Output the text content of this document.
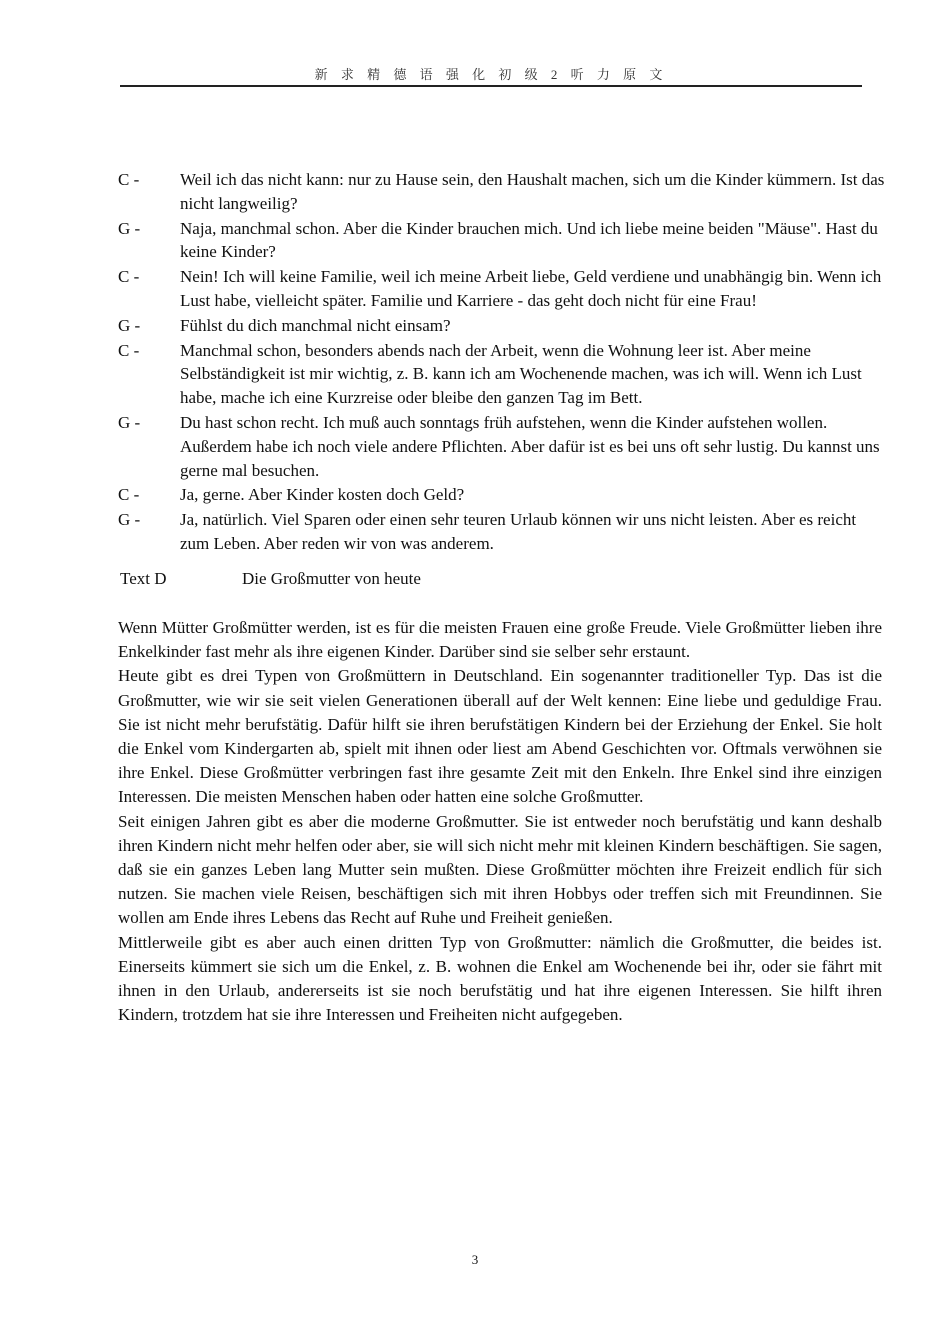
新 求 精 德 语 强 化 初 级 2 听 力 原 文
C -	Weil ich das nicht kann: nur zu Hause sein, den Haushalt machen, sich um die Kinder kümmern. Ist das nicht langweilig?
G -	Naja, manchmal schon. Aber die Kinder brauchen mich. Und ich liebe meine beiden "Mäuse". Hast du keine Kinder?
C -	Nein! Ich will keine Familie, weil ich meine Arbeit liebe, Geld verdiene und unabhängig bin. Wenn ich Lust habe, vielleicht später. Familie und Karriere - das geht doch nicht für eine Frau!
G -	Fühlst du dich manchmal nicht einsam?
C -	Manchmal schon, besonders abends nach der Arbeit, wenn die Wohnung leer ist. Aber meine Selbständigkeit ist mir wichtig, z. B. kann ich am Wochenende machen, was ich will. Wenn ich Lust habe, mache ich eine Kurzreise oder bleibe den ganzen Tag im Bett.
G -	Du hast schon recht. Ich muß auch sonntags früh aufstehen, wenn die Kinder aufstehen wollen. Außerdem habe ich noch viele andere Pflichten. Aber dafür ist es bei uns oft sehr lustig. Du kannst uns gerne mal besuchen.
C -	Ja, gerne. Aber Kinder kosten doch Geld?
G -	Ja, natürlich. Viel Sparen oder einen sehr teuren Urlaub können wir uns nicht leisten. Aber es reicht zum Leben. Aber reden wir von was anderem.
Text D	Die Großmutter von heute

Wenn Mütter Großmütter werden, ist es für die meisten Frauen eine große Freude. Viele Großmütter lieben ihre Enkelkinder fast mehr als ihre eigenen Kinder. Darüber sind sie selber sehr erstaunt.

Heute gibt es drei Typen von Großmüttern in Deutschland. Ein sogenannter traditioneller Typ. Das ist die Großmutter, wie wir sie seit vielen Generationen überall auf der Welt kennen: Eine liebe und geduldige Frau. Sie ist nicht mehr berufstätig. Dafür hilft sie ihren berufstätigen Kindern bei der Erziehung der Enkel. Sie holt die Enkel vom Kindergarten ab, spielt mit ihnen oder liest am Abend Geschichten vor. Oftmals verwöhnen sie ihre Enkel. Diese Großmütter verbringen fast ihre gesamte Zeit mit den Enkeln. Ihre Enkel sind ihre einzigen Interessen. Die meisten Menschen haben oder hatten eine solche Großmutter.

Seit einigen Jahren gibt es aber die moderne Großmutter. Sie ist entweder noch berufstätig und kann deshalb ihren Kindern nicht mehr helfen oder aber, sie will sich nicht mehr mit kleinen Kindern beschäftigen. Sie sagen, daß sie ein ganzes Leben lang Mutter sein mußten. Diese Großmütter möchten ihre Freizeit endlich für sich nutzen. Sie machen viele Reisen, beschäftigen sich mit ihren Hobbys oder treffen sich mit Freundinnen. Sie wollen am Ende ihres Lebens das Recht auf Ruhe und Freiheit genießen.

Mittlerweile gibt es aber auch einen dritten Typ von Großmutter: nämlich die Großmutter, die beides ist. Einerseits kümmert sie sich um die Enkel, z. B. wohnen die Enkel am Wochenende bei ihr, oder sie fährt mit ihnen in den Urlaub, andererseits ist sie noch berufstätig und hat ihre eigenen Interessen. Sie hilft ihren Kindern, trotzdem hat sie ihre Interessen und Freiheiten nicht aufgegeben.

3
